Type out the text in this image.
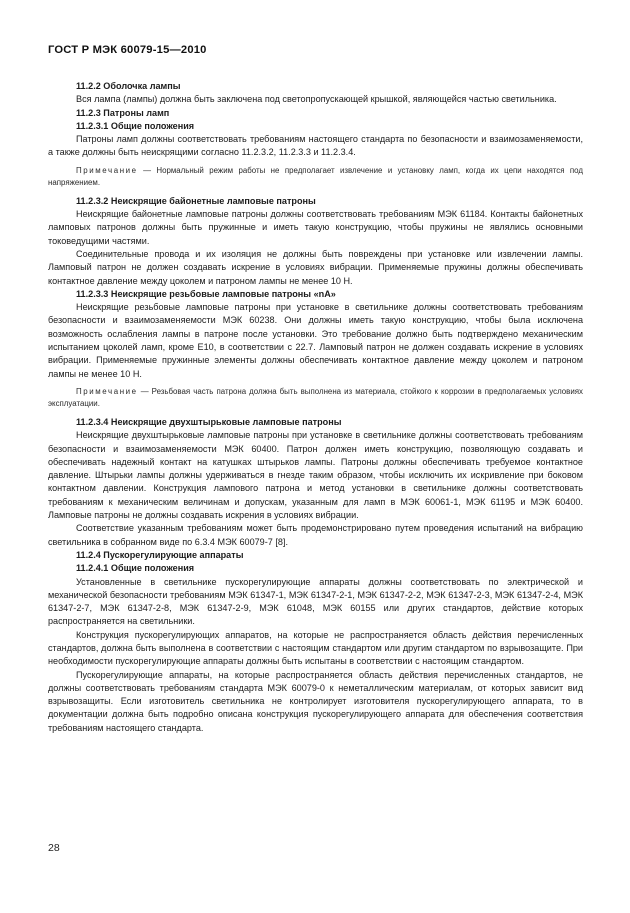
ГОСТ Р МЭК 60079-15—2010

11.2.2 Оболочка лампы

Вся лампа (лампы) должна быть заключена под светопропускающей крышкой, являющейся частью светильника.

11.2.3 Патроны ламп

11.2.3.1 Общие положения

Патроны ламп должны соответствовать требованиям настоящего стандарта по безопасности и взаимозаменяемости, а также должны быть неискрящими согласно 11.2.3.2, 11.2.3.3 и 11.2.3.4.

Примечание — Нормальный режим работы не предполагает извлечение и установку ламп, когда их цепи находятся под напряжением.

11.2.3.2 Неискрящие байонетные ламповые патроны

Неискрящие байонетные ламповые патроны должны соответствовать требованиям МЭК 61184. Контакты байонетных ламповых патронов должны быть пружинные и иметь такую конструкцию, чтобы пружины не являлись основными токоведущими частями.

Соединительные провода и их изоляция не должны быть повреждены при установке или извлечении лампы. Ламповый патрон не должен создавать искрение в условиях вибрации. Применяемые пружины должны обеспечивать контактное давление между цоколем и патроном лампы не менее 10 Н.

11.2.3.3 Неискрящие резьбовые ламповые патроны «nA»

Неискрящие резьбовые ламповые патроны при установке в светильнике должны соответствовать требованиям безопасности и взаимозаменяемости МЭК 60238. Они должны иметь такую конструкцию, чтобы была исключена возможность ослабления лампы в патроне после установки. Это требование должно быть подтверждено механическим испытанием цоколей ламп, кроме E10, в соответствии с 22.7. Ламповый патрон не должен создавать искрение в условиях вибрации. Применяемые пружинные элементы должны обеспечивать контактное давление между цоколем и патроном лампы не менее 10 Н.

Примечание — Резьбовая часть патрона должна быть выполнена из материала, стойкого к коррозии в предполагаемых условиях эксплуатации.

11.2.3.4 Неискрящие двухштырьковые ламповые патроны

Неискрящие двухштырьковые ламповые патроны при установке в светильнике должны соответствовать требованиям безопасности и взаимозаменяемости МЭК 60400. Патрон должен иметь конструкцию, позволяющую создавать и обеспечивать надежный контакт на катушках штырьков лампы. Патроны должны обеспечивать требуемое контактное давление. Штырьки лампы должны удерживаться в гнезде таким образом, чтобы исключить их искривление при боковом контактном давлении. Конструкция лампового патрона и метод установки в светильнике должны соответствовать требованиям к механическим величинам и допускам, указанным для ламп в МЭК 60061-1, МЭК 61195 и МЭК 60400. Ламповые патроны не должны создавать искрения в условиях вибрации.

Соответствие указанным требованиям может быть продемонстрировано путем проведения испытаний на вибрацию светильника в собранном виде по 6.3.4 МЭК 60079-7 [8].

11.2.4 Пускорегулирующие аппараты

11.2.4.1 Общие положения

Установленные в светильнике пускорегулирующие аппараты должны соответствовать по электрической и механической безопасности требованиям МЭК 61347-1, МЭК 61347-2-1, МЭК 61347-2-2, МЭК 61347-2-3, МЭК 61347-2-4, МЭК 61347-2-7, МЭК 61347-2-8, МЭК 61347-2-9, МЭК 61048, МЭК 60155 или других стандартов, действие которых распространяется на светильники.

Конструкция пускорегулирующих аппаратов, на которые не распространяется область действия перечисленных стандартов, должна быть выполнена в соответствии с настоящим стандартом или другим стандартом по взрывозащите. При необходимости пускорегулирующие аппараты должны быть испытаны в соответствии с настоящим стандартом.

Пускорегулирующие аппараты, на которые распространяется область действия перечисленных стандартов, не должны соответствовать требованиям стандарта МЭК 60079-0 к неметаллическим материалам, от которых зависит вид взрывозащиты. Если изготовитель светильника не контролирует изготовителя пускорегулирующего аппарата, то в документации должна быть подробно описана конструкция пускорегулирующего аппарата для обеспечения соответствия требованиям настоящего стандарта.

28
